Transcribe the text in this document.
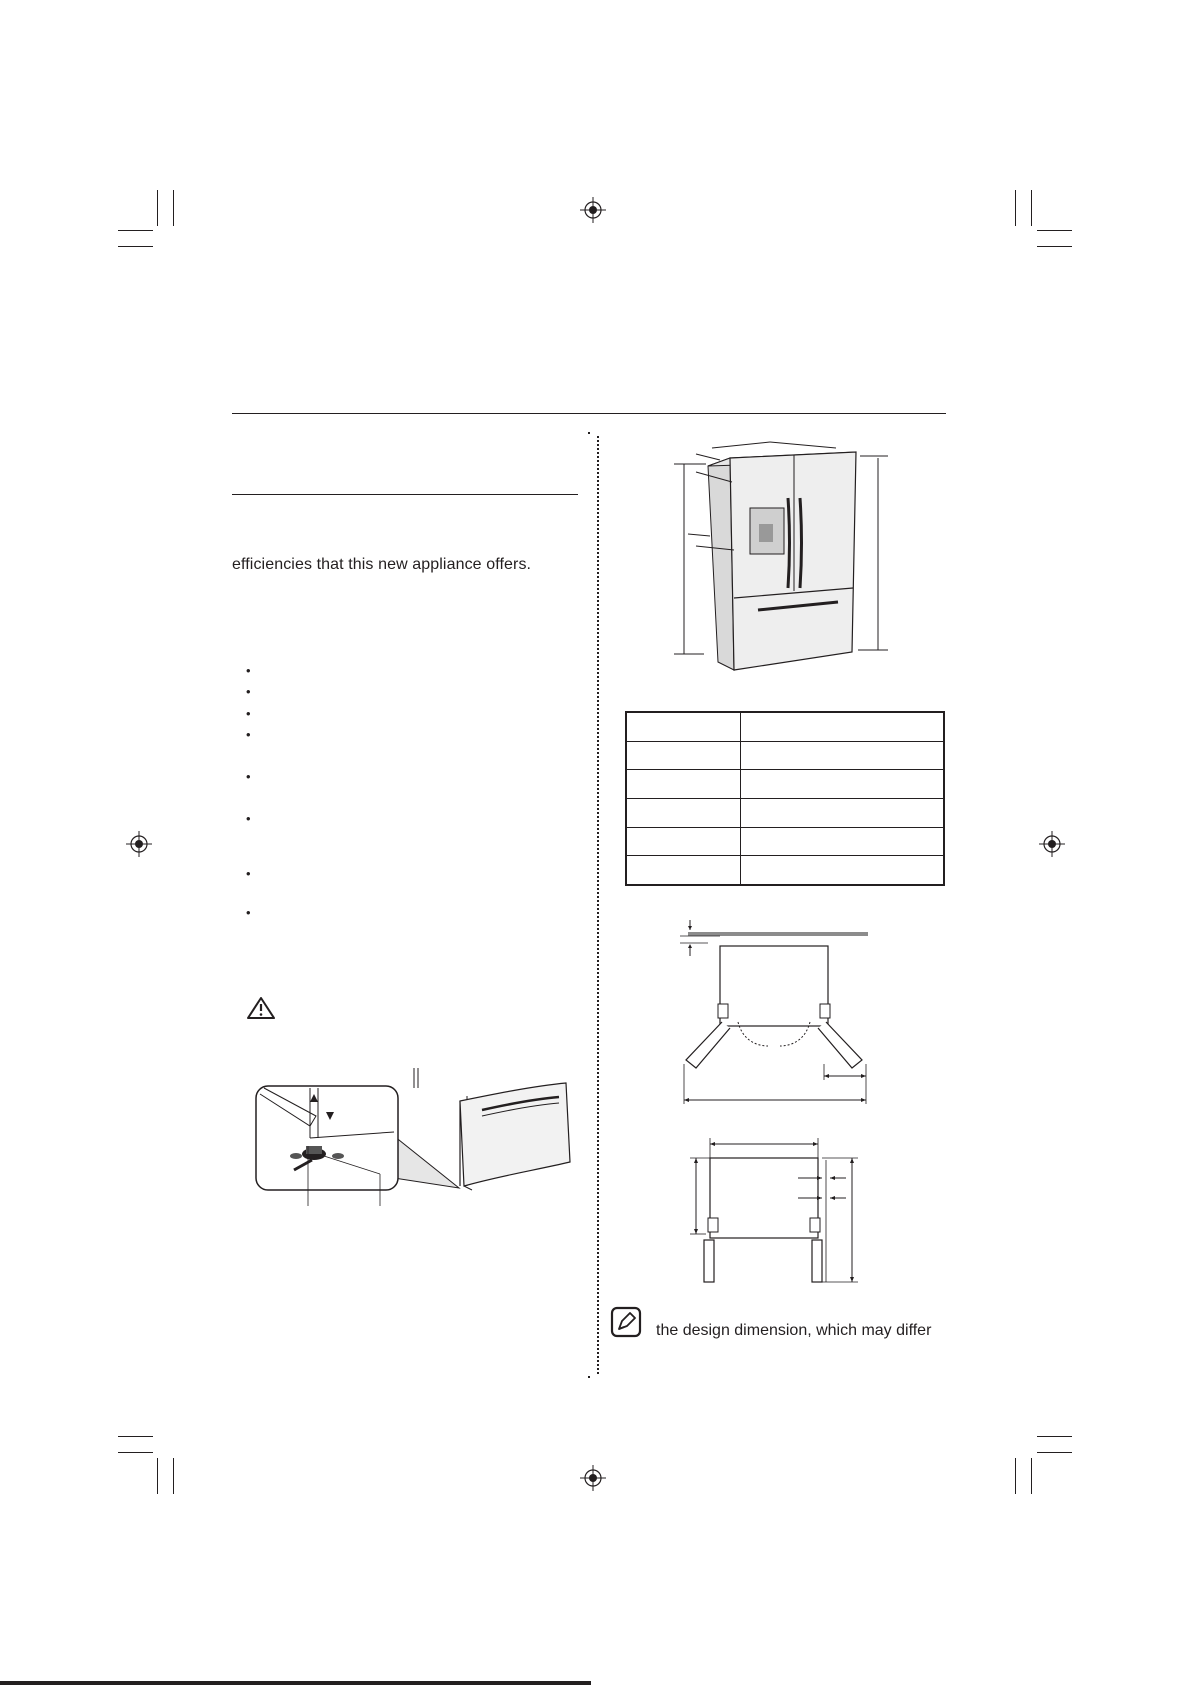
efficiencies that this new appliance offers.
•
•
•
•
•
•
•
•

the design dimension, which may differ
